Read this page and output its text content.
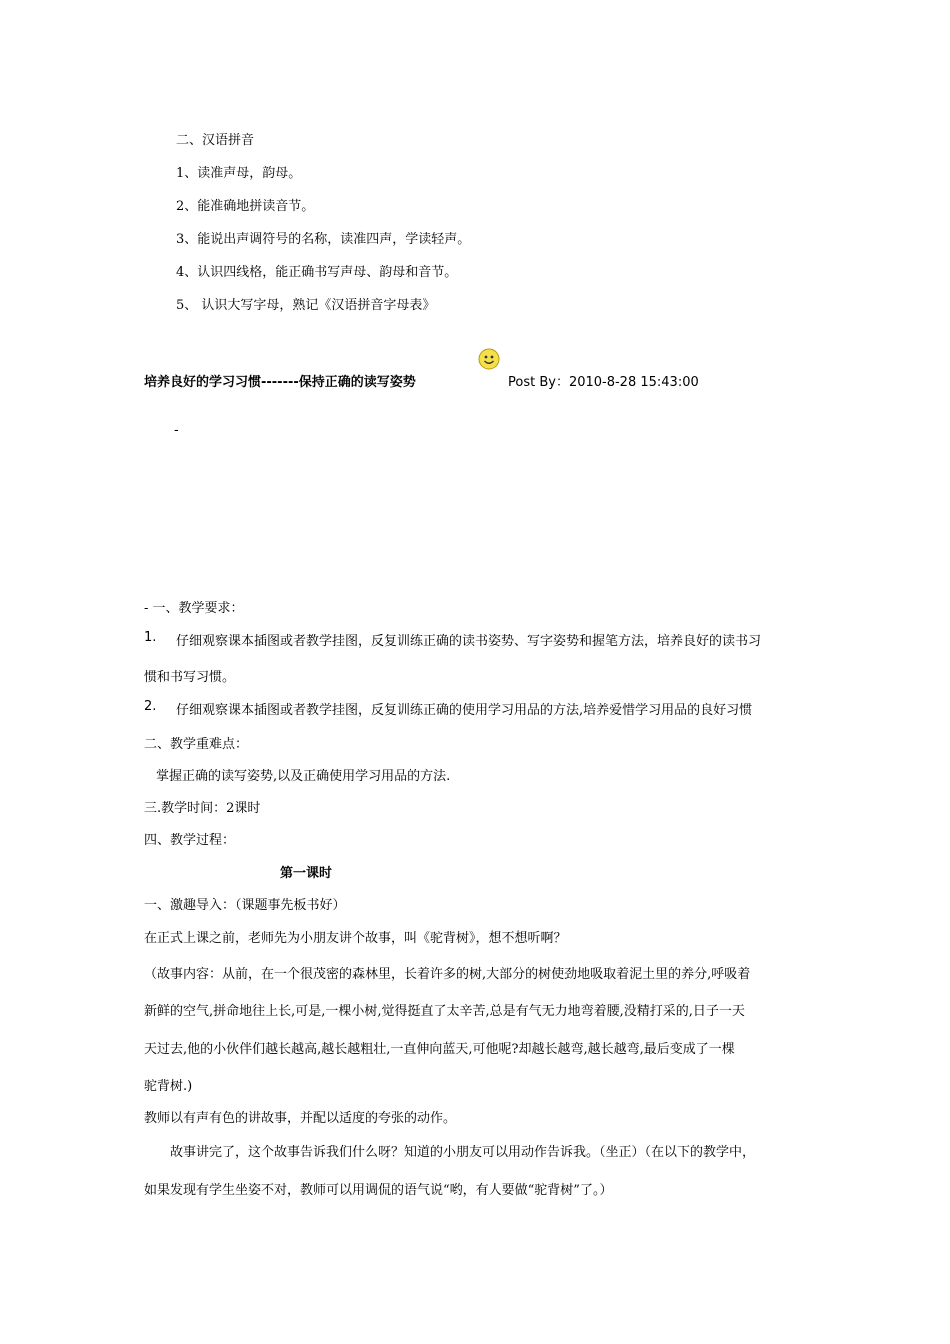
二、汉语拼音
1、读准声母，韵母。
2、能准确地拼读音节。
3、能说出声调符号的名称，读准四声，学读轻声。
4、认识四线格，能正确书写声母、韵母和音节。
5、 认识大写字母，熟记《汉语拼音字母表》
培养良好的学习习惯-------保持正确的读写姿势	Post By：2010-8-28 15:43:00
-
- 一、教学要求：
1. 仔细观察课本插图或者教学挂图，反复训练正确的读书姿势、写字姿势和握笔方法，培养良好的读书习
惯和书写习惯。
2. 仔细观察课本插图或者教学挂图，反复训练正确的使用学习用品的方法,培养爱惜学习用品的良好习惯
二、教学重难点：
掌握正确的读写姿势,以及正确使用学习用品的方法.
三.教学时间：2课时
四、教学过程：
第一课时
一、激趣导入：（课题事先板书好）
在正式上课之前，老师先为小朋友讲个故事，叫《驼背树》，想不想听啊？
（故事内容：从前，在一个很茂密的森林里，长着许多的树,大部分的树使劲地吸取着泥土里的养分,呼吸着
新鲜的空气,拼命地往上长,可是,一棵小树,觉得挺直了太辛苦,总是有气无力地弯着腰,没精打采的,日子一天
天过去,他的小伙伴们越长越高,越长越粗壮,一直伸向蓝天,可他呢?却越长越弯,越长越弯,最后变成了一棵
驼背树.)
教师以有声有色的讲故事，并配以适度的夸张的动作。
故事讲完了，这个故事告诉我们什么呀？知道的小朋友可以用动作告诉我。（坐正）（在以下的教学中，
如果发现有学生坐姿不对，教师可以用调侃的语气说“哟，有人要做“驼背树”了。）
